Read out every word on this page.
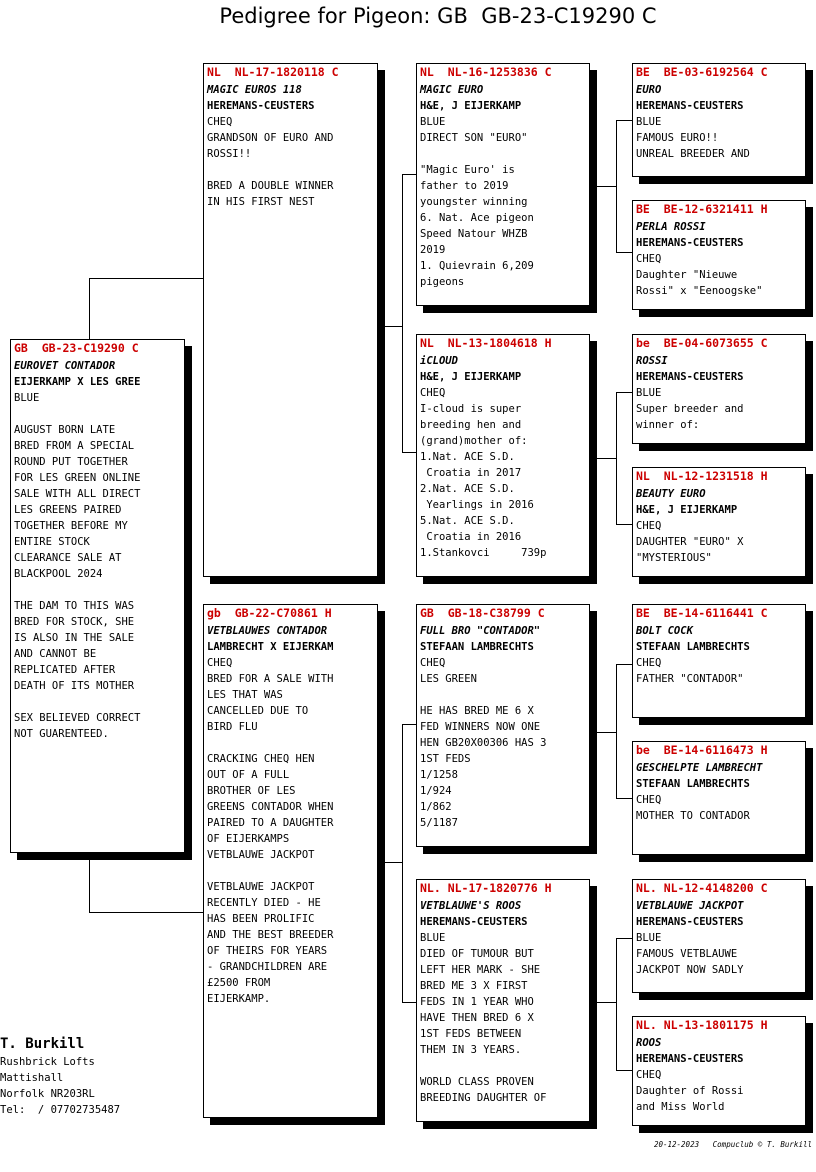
Pedigree for Pigeon: GB  GB-23-C19290 C
GB  GB-23-C19290 C
EUROVET CONTADOR
EIJERKAMP X LES GREE
BLUE
AUGUST BORN LATE
BRED FROM A SPECIAL
ROUND PUT TOGETHER
FOR LES GREEN ONLINE
SALE WITH ALL DIRECT
LES GREENS PAIRED
TOGETHER BEFORE MY
ENTIRE STOCK
CLEARANCE SALE AT
BLACKPOOL 2024
THE DAM TO THIS WAS
BRED FOR STOCK, SHE
IS ALSO IN THE SALE
AND CANNOT BE
REPLICATED AFTER
DEATH OF ITS MOTHER
SEX BELIEVED CORRECT
NOT GUARENTEED.
NL  NL-17-1820118 C
MAGIC EUROS 118
HEREMANS-CEUSTERS
CHEQ
GRANDSON OF EURO AND
ROSSI!!
BRED A DOUBLE WINNER
IN HIS FIRST NEST
gb  GB-22-C70861 H
VETBLAUWES CONTADOR
LAMBRECHT X EIJERKAM
CHEQ
BRED FOR A SALE WITH
LES THAT WAS
CANCELLED DUE TO
BIRD FLU
CRACKING CHEQ HEN
OUT OF A FULL
BROTHER OF LES
GREENS CONTADOR WHEN
PAIRED TO A DAUGHTER
OF EIJERKAMPS
VETBLAUWE JACKPOT
VETBLAUWE JACKPOT
RECENTLY DIED - HE
HAS BEEN PROLIFIC
AND THE BEST BREEDER
OF THEIRS FOR YEARS
- GRANDCHILDREN ARE
£2500 FROM
EIJERKAMP.
NL  NL-16-1253836 C
MAGIC EURO
H&E, J EIJERKAMP
BLUE
DIRECT SON "EURO"
"Magic Euro' is
father to 2019
youngster winning
6. Nat. Ace pigeon
Speed Natour WHZB
2019
1. Quievrain 6,209
pigeons
NL  NL-13-1804618 H
iCLOUD
H&E, J EIJERKAMP
CHEQ
I-cloud is super
breeding hen and
(grand)mother of:
1.Nat. ACE S.D.
Croatia in 2017
2.Nat. ACE S.D.
Yearlings in 2016
5.Nat. ACE S.D.
Croatia in 2016
1.Stankovci     739p
GB  GB-18-C38799 C
FULL BRO "CONTADOR"
STEFAAN LAMBRECHTS
CHEQ
LES GREEN
HE HAS BRED ME 6 X
FED WINNERS NOW ONE
HEN GB20X00306 HAS 3
1ST FEDS
1/1258
1/924
1/862
5/1187
NL. NL-17-1820776 H
VETBLAUWE'S ROOS
HEREMANS-CEUSTERS
BLUE
DIED OF TUMOUR BUT
LEFT HER MARK - SHE
BRED ME 3 X FIRST
FEDS IN 1 YEAR WHO
HAVE THEN BRED 6 X
1ST FEDS BETWEEN
THEM IN 3 YEARS.
WORLD CLASS PROVEN
BREEDING DAUGHTER OF
BE  BE-03-6192564 C
EURO
HEREMANS-CEUSTERS
BLUE
FAMOUS EURO!!
UNREAL BREEDER AND
BE  BE-12-6321411 H
PERLA ROSSI
HEREMANS-CEUSTERS
CHEQ
Daughter "Nieuwe
Rossi" x "Eenoogske"
be  BE-04-6073655 C
ROSSI
HEREMANS-CEUSTERS
BLUE
Super breeder and
winner of:
NL  NL-12-1231518 H
BEAUTY EURO
H&E, J EIJERKAMP
CHEQ
DAUGHTER "EURO" X
"MYSTERIOUS"
BE  BE-14-6116441 C
BOLT COCK
STEFAAN LAMBRECHTS
CHEQ
FATHER "CONTADOR"
be  BE-14-6116473 H
GESCHELPTE LAMBRECHT
STEFAAN LAMBRECHTS
CHEQ
MOTHER TO CONTADOR
NL. NL-12-4148200 C
VETBLAUWE JACKPOT
HEREMANS-CEUSTERS
BLUE
FAMOUS VETBLAUWE
JACKPOT NOW SADLY
NL. NL-13-1801175 H
ROOS
HEREMANS-CEUSTERS
CHEQ
Daughter of Rossi
and Miss World
T. Burkill
Rushbrick Lofts
Mattishall
Norfolk NR203RL
Tel:  / 07702735487
20-12-2023   Compuclub © T. Burkill
